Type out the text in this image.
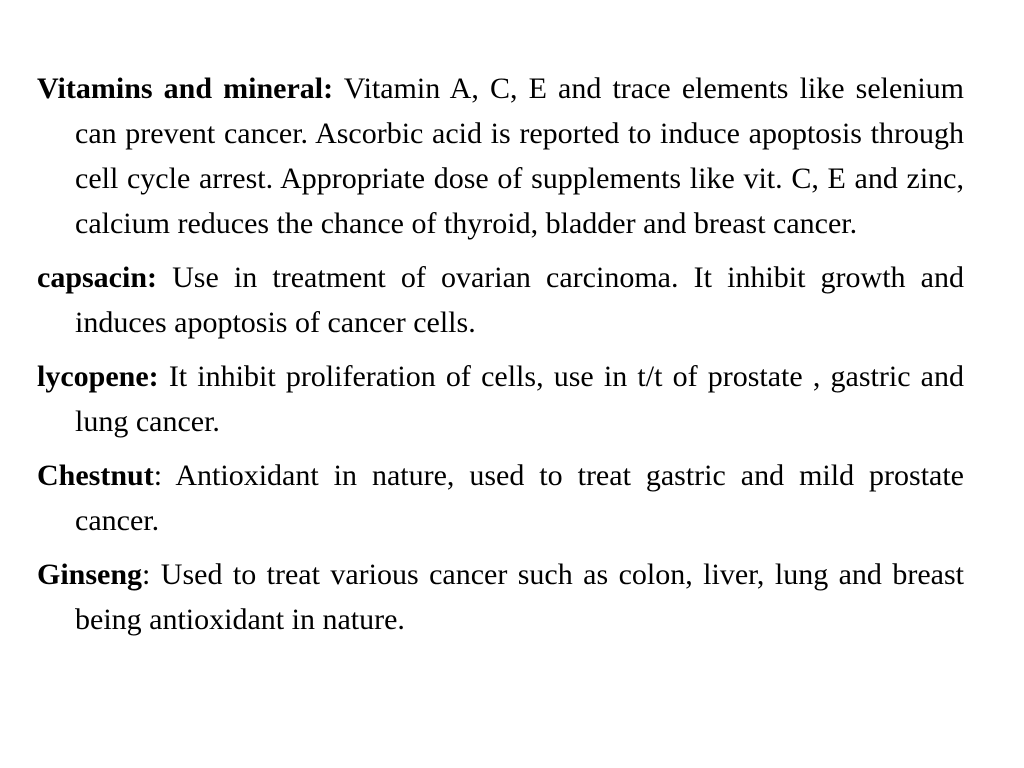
Vitamins and mineral: Vitamin A, C, E and trace elements like selenium can prevent cancer. Ascorbic acid is reported to induce apoptosis through cell cycle arrest. Appropriate dose of supplements like vit. C, E and zinc, calcium reduces the chance of thyroid, bladder and breast cancer.

capsacin: Use in treatment of ovarian carcinoma. It inhibit growth and induces apoptosis of cancer cells.

lycopene: It inhibit proliferation of cells, use in t/t of prostate , gastric and lung cancer.

Chestnut: Antioxidant in nature, used to treat gastric and mild prostate cancer.

Ginseng: Used to treat various cancer such as colon, liver, lung and breast being antioxidant in nature.
